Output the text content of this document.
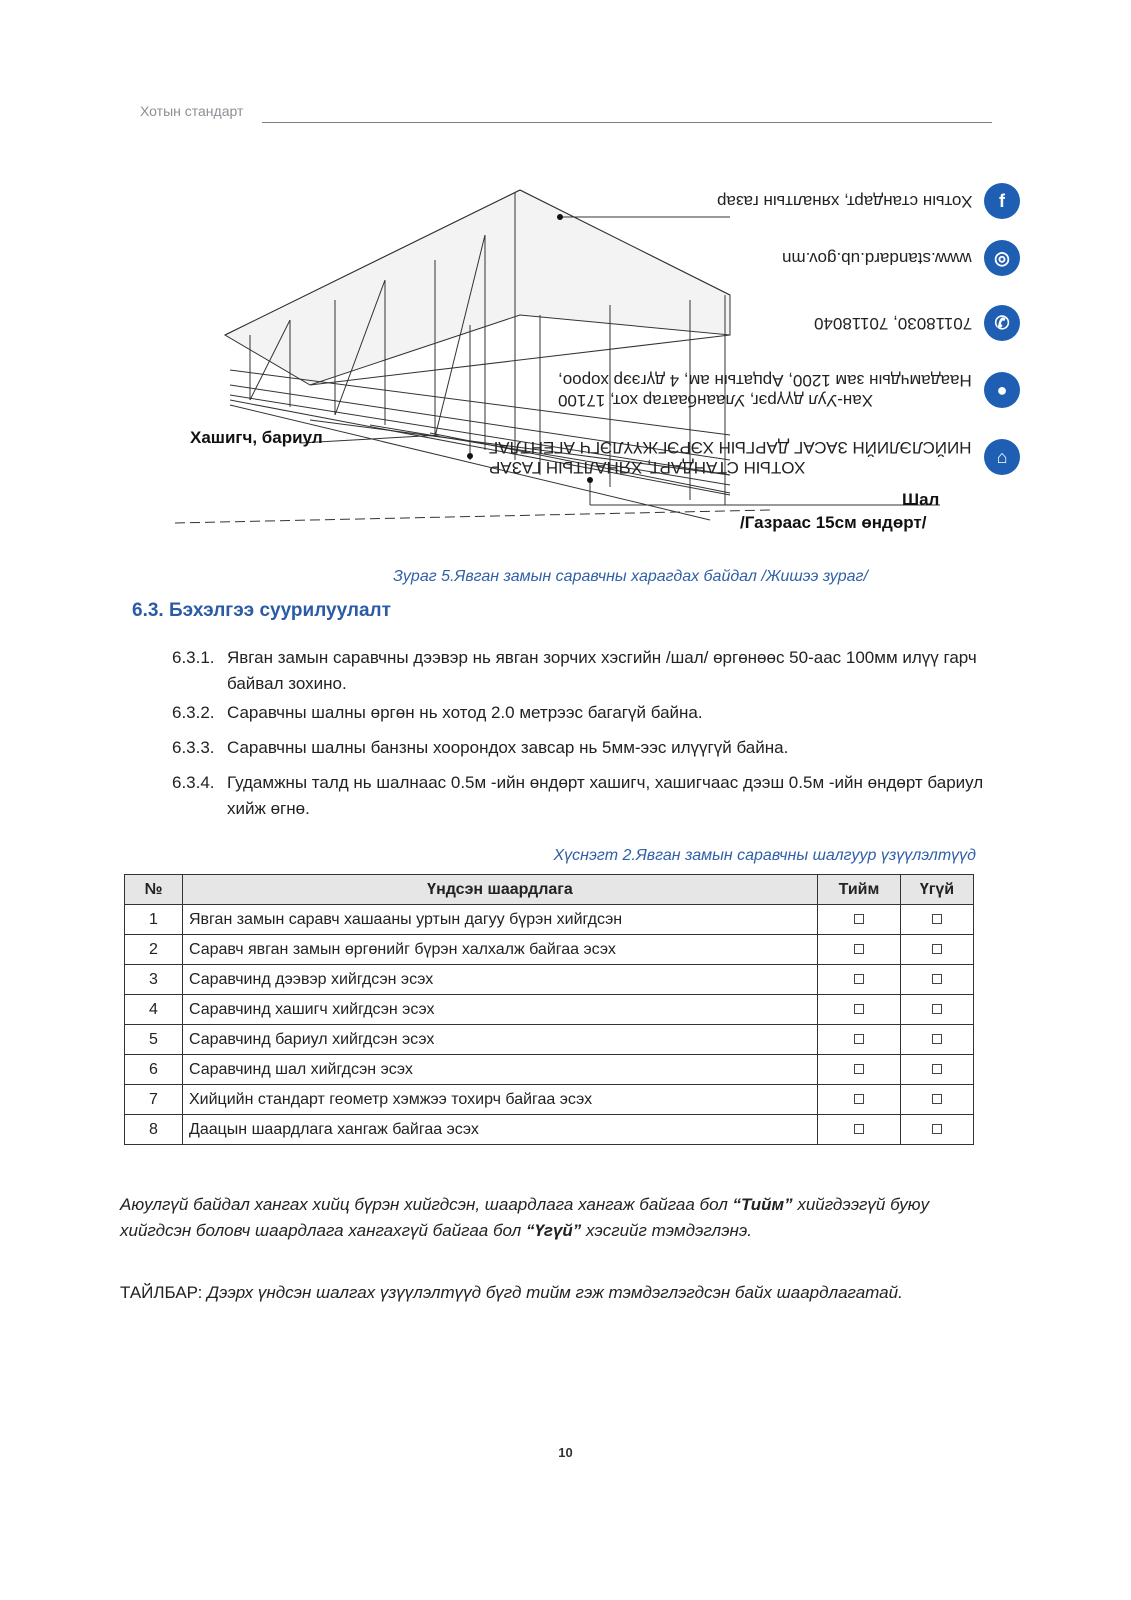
Хотын стандарт
Хашигч, бариул
Шал
/Газраас 15см өндөрт/
ХОТЫН СТАНДАРТ, ХЯНАЛТЫН ГАЗАР
НИЙСЛЭЛИЙН ЗАСАГ ДАРГЫН ХЭРЭГЖҮҮЛЭГЧ АГЕНТЛАГ	⌂
Хан-Уул дүүрэг, Улаанбаатар хот, 17100
Наадамчдын зам 1200, Арцатын ам, 4 дүгээр хороо,	●
70118030, 70118040	✆
www.standard.ub.gov.mn	◎
Хотын стандарт, хяналтын газар	f
Зураг 5.Явган замын саравчны харагдах байдал /Жишээ зураг/
6.3. Бэхэлгээ суурилуулалт
6.3.1. Явган замын саравчны дээвэр нь явган зорчих хэсгийн /шал/ өргөнөөс 50-аас 100мм илүү гарч байвал зохино.
6.3.2. Саравчны шалны өргөн нь хотод 2.0 метрээс багагүй байна.
6.3.3. Саравчны шалны банзны хоорондох завсар нь 5мм-ээс илүүгүй байна.
6.3.4. Гудамжны талд нь шалнаас 0.5м -ийн өндөрт хашигч, хашигчаас дээш 0.5м -ийн өндөрт бариул хийж өгнө.
Хүснэгт 2.Явган замын саравчны шалгуур үзүүлэлтүүд
№	Үндсэн шаардлага	Тийм	Үгүй
1	Явган замын саравч хашааны уртын дагуу бүрэн хийгдсэн		
2	Саравч явган замын өргөнийг бүрэн халхалж байгаа эсэх		
3	Саравчинд дээвэр хийгдсэн эсэх		
4	Саравчинд хашигч хийгдсэн эсэх		
5	Саравчинд бариул хийгдсэн эсэх		
6	Саравчинд шал хийгдсэн эсэх		
7	Хийцийн стандарт геометр хэмжээ тохирч байгаа эсэх		
8	Даацын шаардлага хангаж байгаа эсэх		
Аюулгүй байдал хангах хийц бүрэн хийгдсэн, шаардлага хангаж байгаа бол “Тийм” хийгдээгүй буюу хийгдсэн боловч шаардлага хангахгүй байгаа бол “Үгүй” хэсгийг тэмдэглэнэ.
ТАЙЛБАР: Дээрх үндсэн шалгах үзүүлэлтүүд бүгд тийм гэж тэмдэглэгдсэн байх шаардлагатай.
10
